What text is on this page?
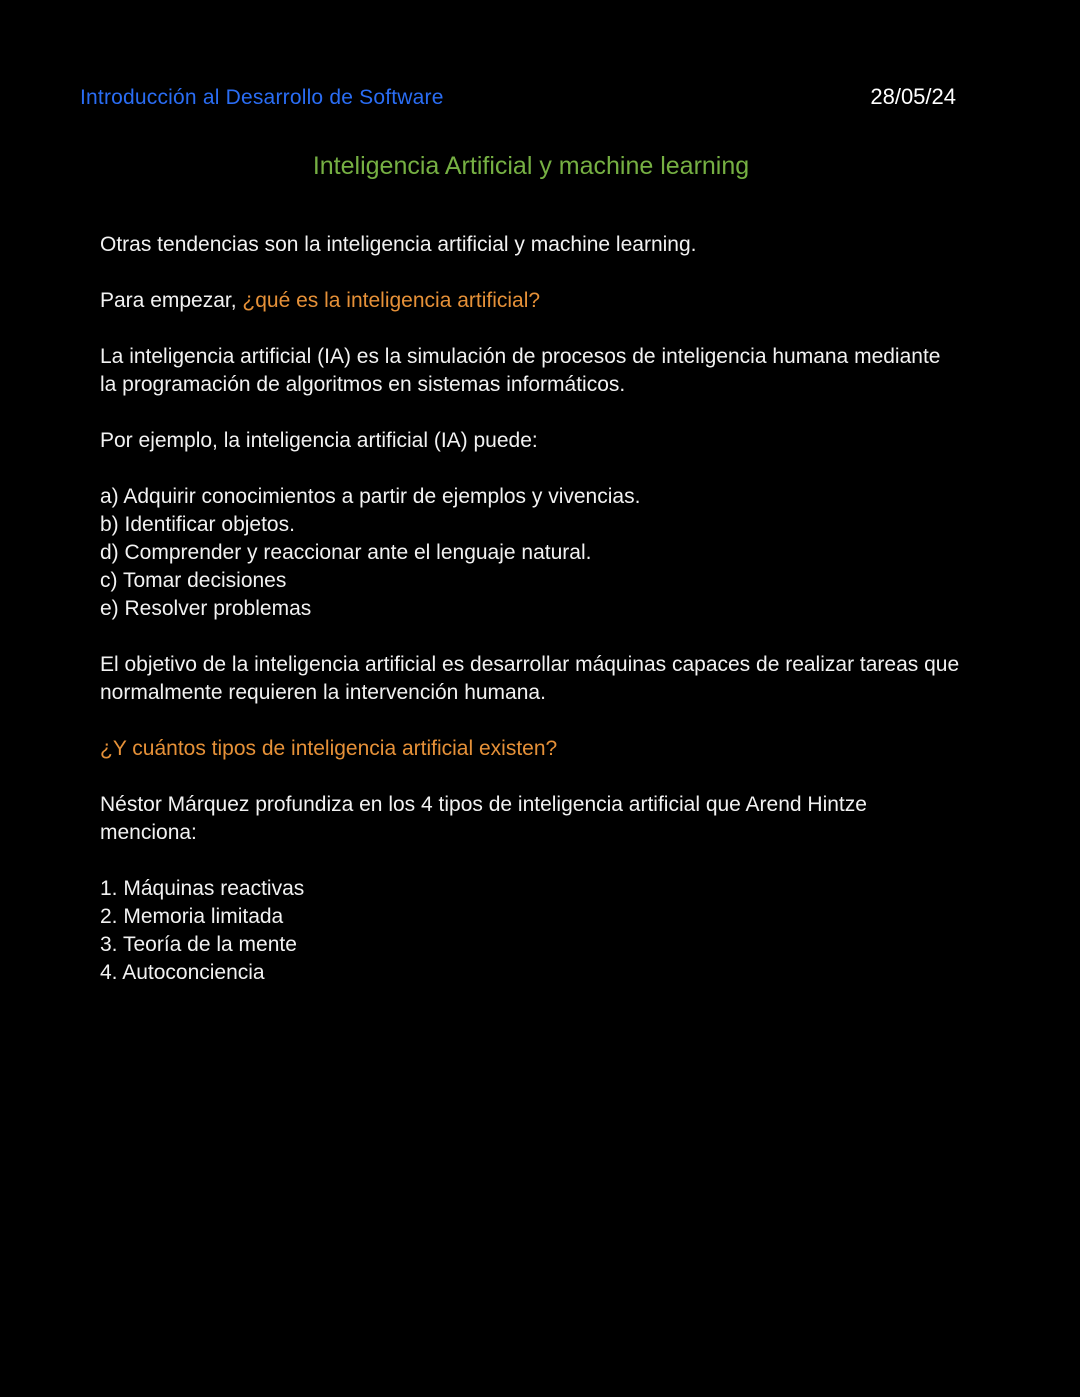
Introducción al Desarrollo de Software	28/05/24
Inteligencia Artificial y machine learning

Otras tendencias son la inteligencia artificial y machine learning.

Para empezar, ¿qué es la inteligencia artificial?

La inteligencia artificial (IA) es la simulación de procesos de inteligencia humana mediante la programación de algoritmos en sistemas informáticos.

Por ejemplo, la inteligencia artificial (IA) puede:

a) Adquirir conocimientos a partir de ejemplos y vivencias.
b) Identificar objetos.
d) Comprender y reaccionar ante el lenguaje natural.
c) Tomar decisiones
e) Resolver problemas

El objetivo de la inteligencia artificial es desarrollar máquinas capaces de realizar tareas que normalmente requieren la intervención humana.

¿Y cuántos tipos de inteligencia artificial existen?

Néstor Márquez profundiza en los 4 tipos de inteligencia artificial que Arend Hintze menciona:

1. Máquinas reactivas
2. Memoria limitada
3. Teoría de la mente
4. Autoconciencia
